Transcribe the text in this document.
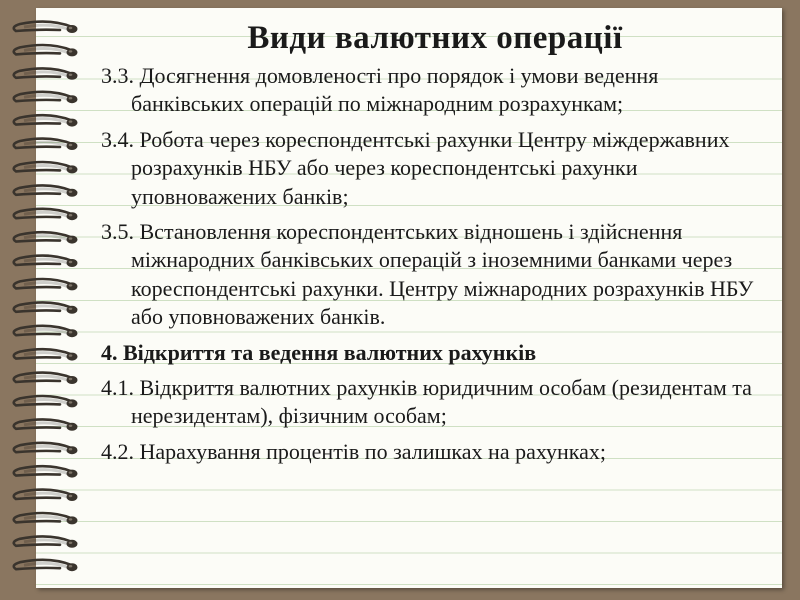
Види валютних операції

3.3. Досягнення домовленості про порядок і умови ведення банківських операцій по міжнародним розрахункам;

3.4. Робота через кореспондентські рахунки Центру міждержавних розрахунків НБУ або через кореспондентські рахунки уповноважених банків;

3.5. Встановлення кореспондентських відношень і здійснення міжнародних банківських операцій з іноземними банками через кореспондентські рахунки. Центру міжнародних розрахунків НБУ або уповноважених банків.

4. Відкриття та ведення валютних рахунків

4.1. Відкриття валютних рахунків юридичним особам (резидентам та нерезидентам), фізичним особам;

4.2. Нарахування процентів по залишках на рахунках;
